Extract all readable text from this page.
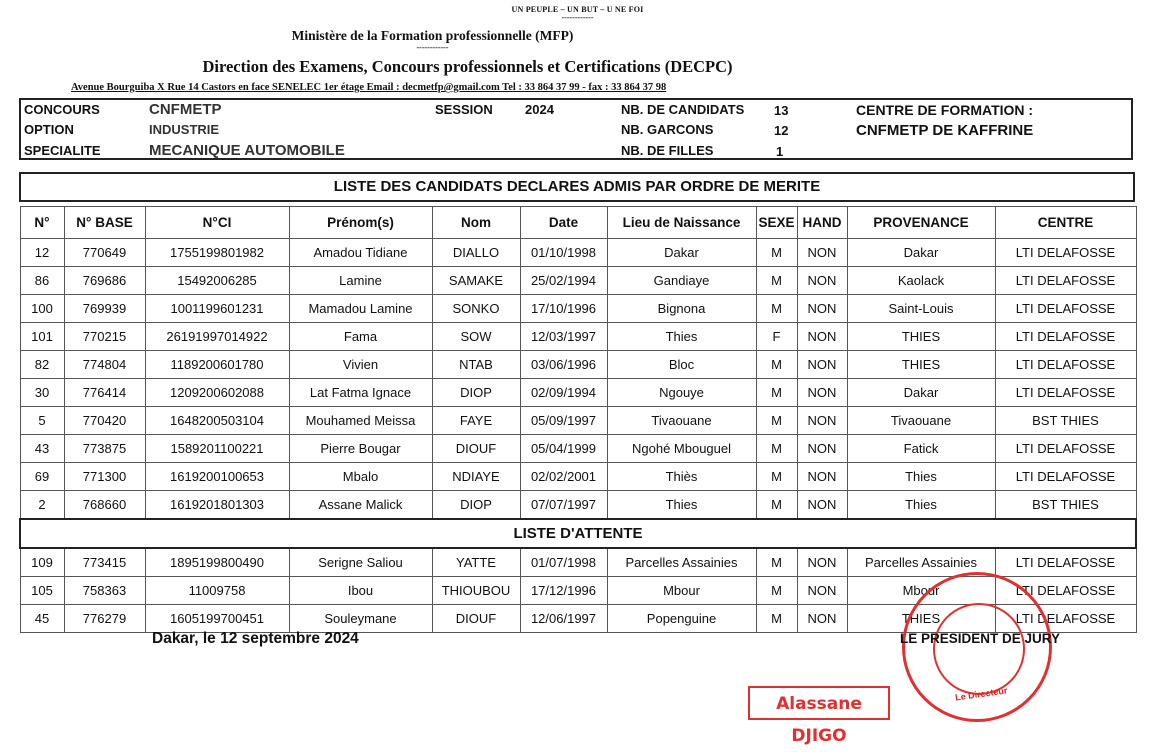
UN PEUPLE – UN BUT – U NE FOI
------------
Ministère de la Formation professionnelle (MFP)
------------
Direction des Examens, Concours professionnels et Certifications (DECPC)
Avenue Bourguiba X Rue 14 Castors en face SENELEC 1er étage Email : decmetfp@gmail.com Tel : 33 864 37 99 - fax : 33 864 37 98
CONCOURS	CNFMETP
OPTION	INDUSTRIE
SPECIALITE	MECANIQUE AUTOMOBILE
SESSION 2024	NB. DE CANDIDATS	13
NB. GARCONS	12
NB. DE FILLES	1
CENTRE DE FORMATION :
CNFMETP DE KAFFRINE
LISTE DES CANDIDATS DECLARES ADMIS PAR ORDRE DE MERITE
N°	N° BASE	N°CI	Prénom(s)	Nom	Date	Lieu de Naissance	SEXE	HAND	PROVENANCE	CENTRE
12	770649	1755199801982	Amadou Tidiane	DIALLO	01/10/1998	Dakar	M	NON	Dakar	LTI DELAFOSSE
86	769686	15492006285	Lamine	SAMAKE	25/02/1994	Gandiaye	M	NON	Kaolack	LTI DELAFOSSE
100	769939	1001199601231	Mamadou Lamine	SONKO	17/10/1996	Bignona	M	NON	Saint-Louis	LTI DELAFOSSE
101	770215	26191997014922	Fama	SOW	12/03/1997	Thies	F	NON	THIES	LTI DELAFOSSE
82	774804	1189200601780	Vivien	NTAB	03/06/1996	Bloc	M	NON	THIES	LTI DELAFOSSE
30	776414	1209200602088	Lat Fatma Ignace	DIOP	02/09/1994	Ngouye	M	NON	Dakar	LTI DELAFOSSE
5	770420	1648200503104	Mouhamed Meissa	FAYE	05/09/1997	Tivaouane	M	NON	Tivaouane	BST THIES
43	773875	1589201100221	Pierre Bougar	DIOUF	05/04/1999	Ngohé Mbouguel	M	NON	Fatick	LTI DELAFOSSE
69	771300	1619200100653	Mbalo	NDIAYE	02/02/2001	Thiès	M	NON	Thies	LTI DELAFOSSE
2	768660	1619201801303	Assane Malick	DIOP	07/07/1997	Thies	M	NON	Thies	BST THIES
LISTE D'ATTENTE										
109	773415	1895199800490	Serigne Saliou	YATTE	01/07/1998	Parcelles Assainies	M	NON	Parcelles Assainies	LTI DELAFOSSE
105	758363	11009758	Ibou	THIOUBOU	17/12/1996	Mbour	M	NON	Mbour	LTI DELAFOSSE
45	776279	1605199700451	Souleymane	DIOUF	12/06/1997	Popenguine	M	NON	THIES	LTI DELAFOSSE
Dakar, le 12 septembre 2024
Le Directeur
LE PRESIDENT DE JURY
Alassane DJIGO
